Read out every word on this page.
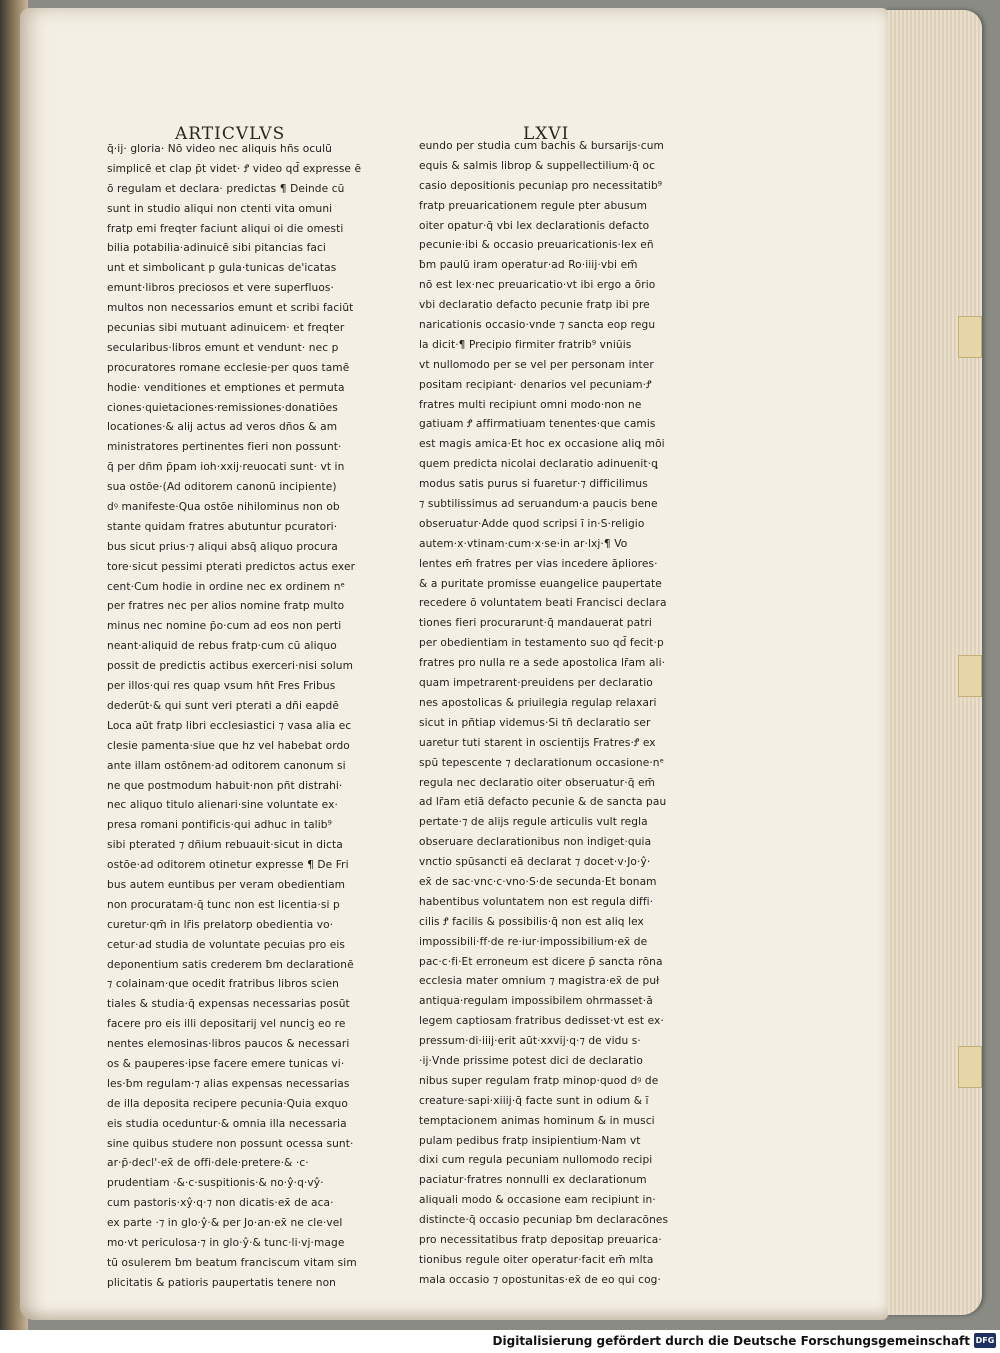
ARTICVLVS	LXVI
q̄·ij· gloria· Nō video nec aliquis hñs oculū
simplicē et clap p̄t videt· Ꝭ video qd̄ expresse ē
ō regulam et declara· predictas ¶ Deinde cū
sunt in studio aliqui non ctenti vita omuni
fratp emi freqter faciunt aliqui oi die omesti
bilia potabilia·adinuicē sibi pitancias faci
unt et simbolicant p gula·tunicas de'icatas
emunt·libros preciosos et vere superfluos·
multos non necessarios emunt et scribi faciūt
pecunias sibi mutuant adinuicem· et freqter
secularibus·libros emunt et vendunt· nec p
procuratores romane ecclesie·per quos tamē
hodie· venditiones et emptiones et permuta
ciones·quietaciones·remissiones·donatiōes
locationes·& alij actus ad veros dños & am
ministratores pertinentes fieri non possunt·
q̄ per dñm p̄pam ioh·xxij·reuocati sunt· vt in
sua ostōe·(Ad oditorem canonū incipiente)
dꝰ manifeste·Qua ostōe nihilominus non ob
stante quidam fratres abutuntur pcuratori·
bus sicut prius·⁊ aliqui absq̄ aliquo procura
tore·sicut pessimi pterati predictos actus exer
cent·Cum hodie in ordine nec ex ordinem nᵉ
per fratres nec per alios nomine fratp multo
minus nec nomine p̄o·cum ad eos non perti
neant·aliquid de rebus fratp·cum cū aliquo
possit de predictis actibus exerceri·nisi solum
per illos·qui res quap vsum hñt Fres Fribus
dederūt·& qui sunt veri pterati a dñi eapdē
Loca aūt fratp libri ecclesiastici ⁊ vasa alia ec
clesie pamenta·siue que hz vel habebat ordo
ante illam ostōnem·ad oditorem canonum si
ne que postmodum habuit·non pñt distrahi·
nec aliquo titulo alienari·sine voluntate ex·
presa romani pontificis·qui adhuc in talib⁹
sibi pterated ⁊ dñium rebuauit·sicut in dicta
ostōe·ad oditorem otinetur expresse ¶ De Fri
bus autem euntibus per veram obedientiam
non procuratam·q̄ tunc non est licentia·si p
curetur·qm̄ in lr̄is prelatorp obedientia vo·
cetur·ad studia de voluntate pecuias pro eis
deponentium satis crederem ƀm declarationē
⁊ colainam·que ocedit fratribus libros scien
tiales & studia·q̄ expensas necessarias posūt
facere pro eis illi depositarij vel nunciꝫ eo re
nentes elemosinas·libros paucos & necessari
os & pauperes·ipse facere emere tunicas vi·
les·ƀm regulam·⁊ alias expensas necessarias
de illa deposita recipere pecunia·Quia exquo
eis studia oceduntur·& omnia illa necessaria
sine quibus studere non possunt ocessa sunt·
ar·p̄·decl'·ex̄ de offi·dele·pretere·& ·c·
prudentiam ·&·c·suspitionis·& no·ŷ·q·vŷ·
cum pastoris·xŷ·q·⁊ non dicatis·ex̄ de aca·
ex parte ·⁊ in glo·ŷ·& per Jo·an·ex̄ ne cle·vel
mo·vt periculosa·⁊ in glo·ŷ·& tunc·li·vj·mage
tū osulerem ƀm beatum franciscum vitam sim
plicitatis & patioris paupertatis tenere non
eundo per studia cum bachis & bursarijs·cum
equis & salmis librop & suppellectilium·q̄ oc
casio depositionis pecuniap pro necessitatib⁹
fratp preuaricationem regule pter abusum
oiter opatur·q̄ vbi lex declarationis defacto
pecunie·ibi & occasio preuaricationis·lex eñ
ƀm paulū iram operatur·ad Ro·iiij·vbi em̄
nō est lex·nec preuaricatio·vt ibi ergo a ōrio
vbi declaratio defacto pecunie fratp ibi pre
naricationis occasio·vnde ⁊ sancta eop regu
la dicit·¶ Precipio firmiter fratrib⁹ vniūis
vt nullomodo per se vel per personam inter
positam recipiant· denarios vel pecuniam·Ꝭ
fratres multi recipiunt omni modo·non ne
gatiuam Ꝭ affirmatiuam tenentes·que camis
est magis amica·Et hoc ex occasione aliꝗ mōi
quem predicta nicolai declaratio adinuenit·ꝗ
modus satis purus si fuaretur·⁊ difficilimus
⁊ subtilissimus ad seruandum·a paucis bene
obseruatur·Adde quod scripsi ī in·S·religio
autem·x·vtinam·cum·x·se·in ar·lxj·¶ Vo
lentes em̄ fratres per vias incedere āpliores·
& a puritate promisse euangelice paupertate
recedere ō voluntatem beati Francisci declara
tiones fieri procurarunt·q̄ mandauerat patri
per obedientiam in testamento suo qd̄ fecit·p
fratres pro nulla re a sede apostolica lr̄am ali·
quam impetrarent·preuidens per declaratio
nes apostolicas & priuilegia regulap relaxari
sicut in pñtiap videmus·Si tñ declaratio ser
uaretur tuti starent in oscientijs Fratres·Ꝭ ex
spū tepescente ⁊ declarationum occasione·nᵉ
regula nec declaratio oiter obseruatur·q̄ em̄
ad lr̄am etiā defacto pecunie & de sancta pau
pertate·⁊ de alijs regule articulis vult regla
obseruare declarationibus non indiget·quia
vnctio spūsancti eā declarat ⁊ docet·v·Jo·ŷ·
ex̄ de sac·vnc·c·vno·S·de secunda·Et bonam
habentibus voluntatem non est regula diffi·
cilis Ꝭ facilis & possibilis·q̄ non est aliq lex
impossibili·ff·de re·iur·impossibilium·ex̄ de
pac·c·fi·Et erroneum est dicere p̄ sancta rōna
ecclesia mater omnium ⁊ magistra·ex̄ de puł
antiqua·regulam impossibilem ohrmasset·ā
legem captiosam fratribus dedisset·vt est ex·
pressum·di·iiij·erit aūt·xxvij·q·⁊ de vidu s·
·ij·Vnde prissime potest dici de declaratio
nibus super regulam fratp minop·quod dꝰ de
creature·sapi·xiiij·q̄ facte sunt in odium & ī
temptacionem animas hominum & in musci
pulam pedibus fratp insipientium·Nam vt
dixi cum regula pecuniam nullomodo recipi
paciatur·fratres nonnulli ex declarationum
aliquali modo & occasione eam recipiunt in·
distincte·q̄ occasio pecuniap ƀm declaracōnes
pro necessitatibus fratp depositap preuarica·
tionibus regule oiter operatur·facit em̄ mlta
mala occasio ⁊ opostunitas·ex̄ de eo qui cog·
Digitalisierung gefördert durch die Deutsche Forschungsgemeinschaft DFG
